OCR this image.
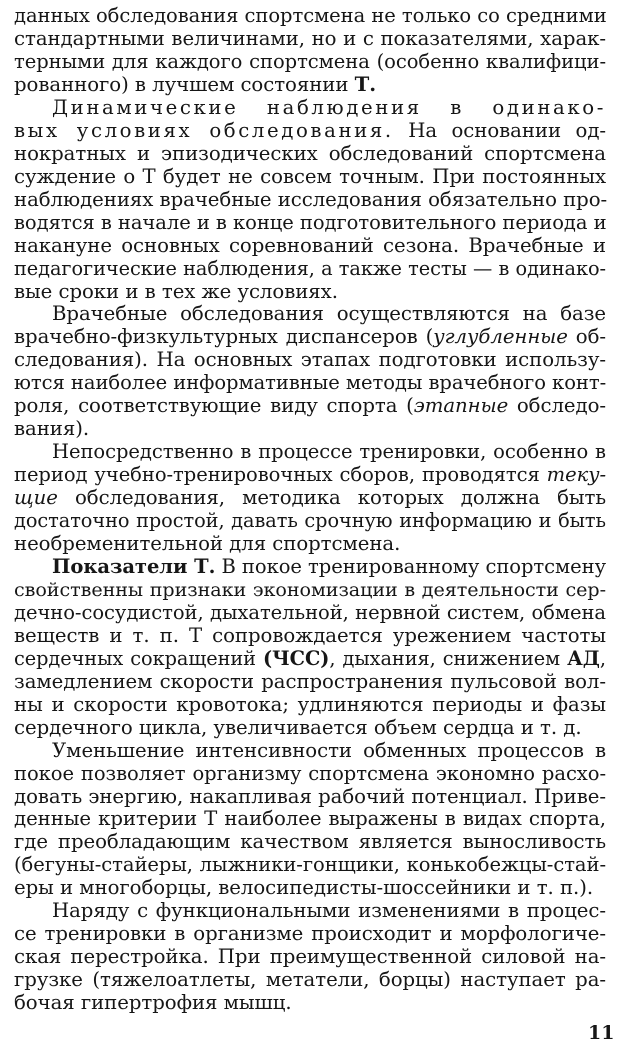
данных обследования спортсмена не только со средними
стандартными величинами, но и с показателями, харак-
терными для каждого спортсмена (особенно квалифици-
рованного) в лучшем состоянии Т.
Динамические наблюдения в одинако-
вых условиях обследования. На основании од-
нократных и эпизодических обследований спортсмена
суждение о Т будет не совсем точным. При постоянных
наблюдениях врачебные исследования обязательно про-
водятся в начале и в конце подготовительного периода и
накануне основных соревнований сезона. Врачебные и
педагогические наблюдения, а также тесты — в одинако-
вые сроки и в тех же условиях.
Врачебные обследования осуществляются на базе
врачебно-физкультурных диспансеров (углубленные об-
следования). На основных этапах подготовки использу-
ются наиболее информативные методы врачебного конт-
роля, соответствующие виду спорта (этапные обследо-
вания).
Непосредственно в процессе тренировки, особенно в
период учебно-тренировочных сборов, проводятся теку-
щие обследования, методика которых должна быть
достаточно простой, давать срочную информацию и быть
необременительной для спортсмена.
Показатели Т. В покое тренированному спортсмену
свойственны признаки экономизации в деятельности сер-
дечно-сосудистой, дыхательной, нервной систем, обмена
веществ и т. п. Т сопровождается урежением частоты
сердечных сокращений (ЧСС), дыхания, снижением АД,
замедлением скорости распространения пульсовой вол-
ны и скорости кровотока; удлиняются периоды и фазы
сердечного цикла, увеличивается объем сердца и т. д.
Уменьшение интенсивности обменных процессов в
покое позволяет организму спортсмена экономно расхо-
довать энергию, накапливая рабочий потенциал. Приве-
денные критерии Т наиболее выражены в видах спорта,
где преобладающим качеством является выносливость
(бегуны-стайеры, лыжники-гонщики, конькобежцы-стай-
еры и многоборцы, велосипедисты-шоссейники и т. п.).
Наряду с функциональными изменениями в процес-
се тренировки в организме происходит и морфологиче-
ская перестройка. При преимущественной силовой на-
грузке (тяжелоатлеты, метатели, борцы) наступает ра-
бочая гипертрофия мышц.
11
